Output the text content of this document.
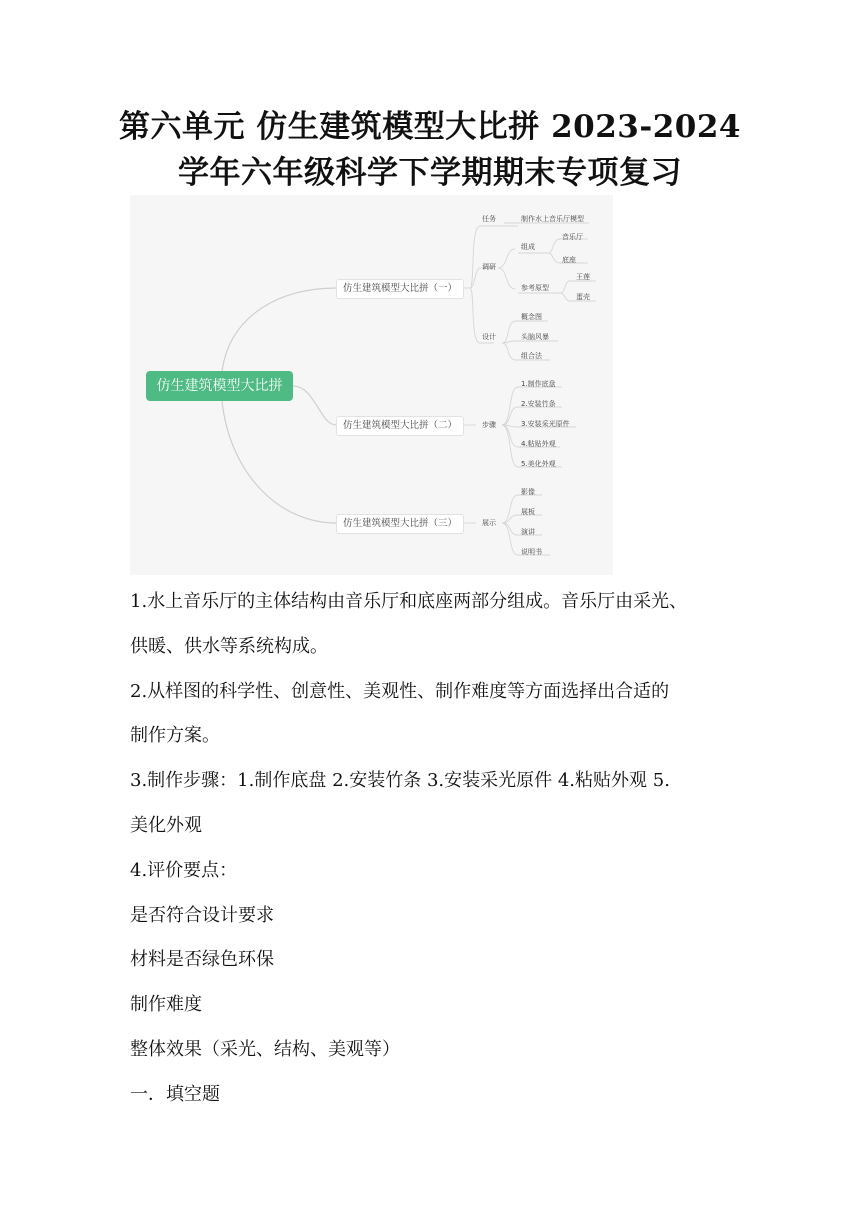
第六单元 仿生建筑模型大比拼 2023-2024
学年六年级科学下学期期末专项复习
仿生建筑模型大比拼
仿生建筑模型大比拼（一）
仿生建筑模型大比拼（二）
仿生建筑模型大比拼（三）
任务	制作水上音乐厅模型
调研
组成
音乐厅
底座
参考原型
王莲
蛋壳
设计
概念图
头脑风暴
组合法
步骤
1.制作底盘
2.安装竹条
3.安装采光原件
4.粘贴外观
5.美化外观
展示
影像
展板
演讲
说明书
1.水上音乐厅的主体结构由音乐厅和底座两部分组成。音乐厅由采光、
供暖、供水等系统构成。
2.从样图的科学性、创意性、美观性、制作难度等方面选择出合适的
制作方案。
3.制作步骤：1.制作底盘 2.安装竹条 3.安装采光原件 4.粘贴外观 5.
美化外观
4.评价要点：
是否符合设计要求
材料是否绿色环保
制作难度
整体效果（采光、结构、美观等）
一．填空题
